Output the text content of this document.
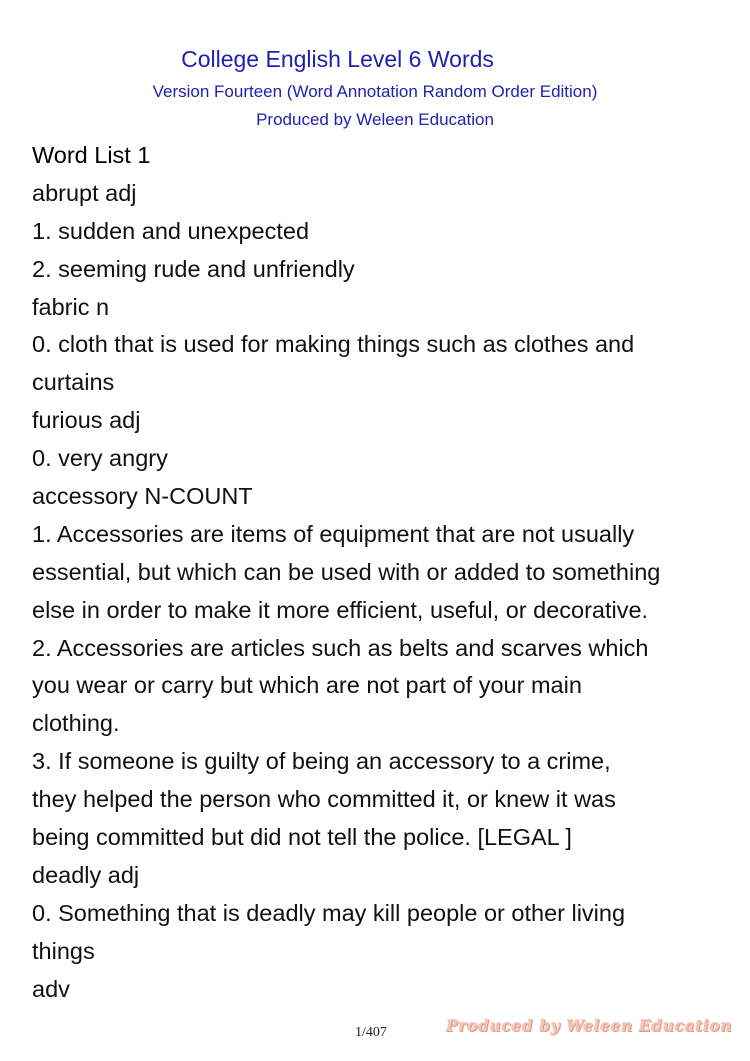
College English Level 6 Words
Version Fourteen (Word Annotation Random Order Edition)
Produced by Weleen Education
Word List 1
abrupt adj
1. sudden and unexpected
2. seeming rude and unfriendly
fabric n
0. cloth that is used for making things such as clothes and
curtains
furious adj
0. very angry
accessory N-COUNT
1. Accessories are items of equipment that are not usually
essential, but which can be used with or added to something
else in order to make it more efficient, useful, or decorative.
2. Accessories are articles such as belts and scarves which
you wear or carry but which are not part of your main
clothing.
3. If someone is guilty of being an accessory to a crime,
they helped the person who committed it, or knew it was
being committed but did not tell the police. [LEGAL ]
deadly adj
0. Something that is deadly may kill people or other living
things
adv
1/407	Produced by Weleen Education
